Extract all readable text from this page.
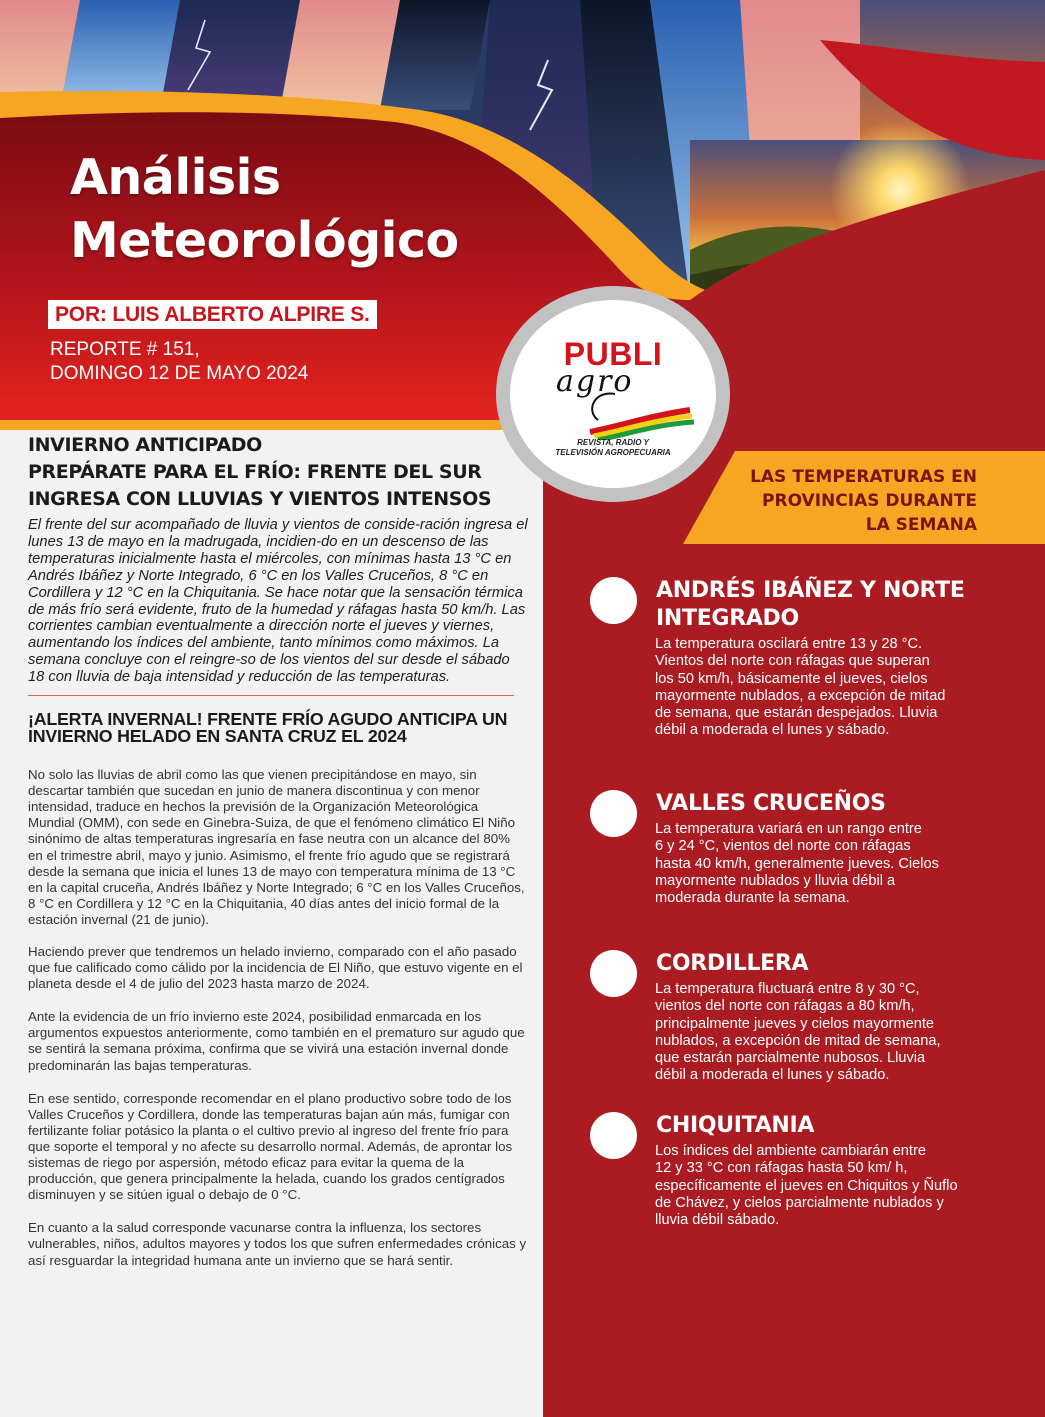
Análisis
Meteorológico
POR: LUIS ALBERTO ALPIRE S.
REPORTE # 151,
DOMINGO 12 DE MAYO 2024
PUBLI
agro
REVISTA, RADIO Y
TELEVISIÓN AGROPECUARIA
INVIERNO ANTICIPADO
PREPÁRATE PARA EL FRÍO: FRENTE DEL SUR
INGRESA CON LLUVIAS Y VIENTOS INTENSOS

El frente del sur acompañado de lluvia y vientos de conside-ración ingresa el lunes 13 de mayo en la madrugada, incidien-do en un descenso de las temperaturas inicialmente hasta el miércoles, con mínimas hasta 13 °C en Andrés Ibáñez y Norte Integrado, 6 °C en los Valles Cruceños, 8 °C en Cordillera y 12 °C en la Chiquitania. Se hace notar que la sensación térmica de más frío será evidente, fruto de la humedad y ráfagas hasta 50 km/h. Las corrientes cambian eventualmente a dirección norte el jueves y viernes, aumentando los índices del ambiente, tanto mínimos como máximos. La semana concluye con el reingre-so de los vientos del sur desde el sábado 18 con lluvia de baja intensidad y reducción de las temperaturas.

¡ALERTA INVERNAL! FRENTE FRÍO AGUDO ANTICIPA UN
INVIERNO HELADO EN SANTA CRUZ EL 2024

No solo las lluvias de abril como las que vienen precipitándose en mayo, sin descartar también que sucedan en junio de manera discontinua y con menor intensidad, traduce en hechos la previsión de la Organización Meteorológica Mundial (OMM), con sede en Ginebra-Suiza, de que el fenómeno climático El Niño sinónimo de altas temperaturas ingresaría en fase neutra con un alcance del 80% en el trimestre abril, mayo y junio. Asimismo, el frente frío agudo que se registrará desde la semana que inicia el lunes 13 de mayo con temperatura mínima de 13 °C en la capital cruceña, Andrés Ibáñez y Norte Integrado; 6 °C en los Valles Cruceños, 8 °C en Cordillera y 12 °C en la Chiquitania, 40 días antes del inicio formal de la estación invernal (21 de junio).

Haciendo prever que tendremos un helado invierno, comparado con el año pasado que fue calificado como cálido por la incidencia de El Niño, que estuvo vigente en el planeta desde el 4 de julio del 2023 hasta marzo de 2024.

Ante la evidencia de un frío invierno este 2024, posibilidad enmarcada en los argumentos expuestos anteriormente, como también en el prematuro sur agudo que se sentirá la semana próxima, confirma que se vivirá una estación invernal donde predominarán las bajas temperaturas.

En ese sentido, corresponde recomendar en el plano productivo sobre todo de los Valles Cruceños y Cordillera, donde las temperaturas bajan aún más, fumigar con fertilizante foliar potásico la planta o el cultivo previo al ingreso del frente frío para que soporte el temporal y no afecte su desarrollo normal. Además, de aprontar los sistemas de riego por aspersión, método eficaz para evitar la quema de la producción, que genera principalmente la helada, cuando los grados centígrados disminuyen y se sitúen igual o debajo de 0 °C.

En cuanto a la salud corresponde vacunarse contra la influenza, los sectores vulnerables, niños, adultos mayores y todos los que sufren enfermedades crónicas y así resguardar la integridad humana ante un invierno que se hará sentir.

LAS TEMPERATURAS EN
PROVINCIAS DURANTE
LA SEMANA
ANDRÉS IBÁÑEZ Y NORTE
INTEGRADO

La temperatura oscilará entre 13 y 28 °C.
Vientos del norte con ráfagas que superan
los 50 km/h, básicamente el jueves, cielos
mayormente nublados, a excepción de mitad
de semana, que estarán despejados. Lluvia
débil a moderada el lunes y sábado.

VALLES CRUCEÑOS

La temperatura variará en un rango entre
6 y 24 °C, vientos del norte con ráfagas
hasta 40 km/h, generalmente jueves. Cielos
mayormente nublados y lluvia débil a
moderada durante la semana.

CORDILLERA

La temperatura fluctuará entre 8 y 30 °C,
vientos del norte con ráfagas a 80 km/h,
principalmente jueves y cielos mayormente
nublados, a excepción de mitad de semana,
que estarán parcialmente nubosos. Lluvia
débil a moderada el lunes y sábado.

CHIQUITANIA

Los índices del ambiente cambiarán entre
12 y 33 °C con ráfagas hasta 50 km/ h,
específicamente el jueves en Chiquitos y Ñuflo
de Chávez, y cielos parcialmente nublados y
lluvia débil sábado.
